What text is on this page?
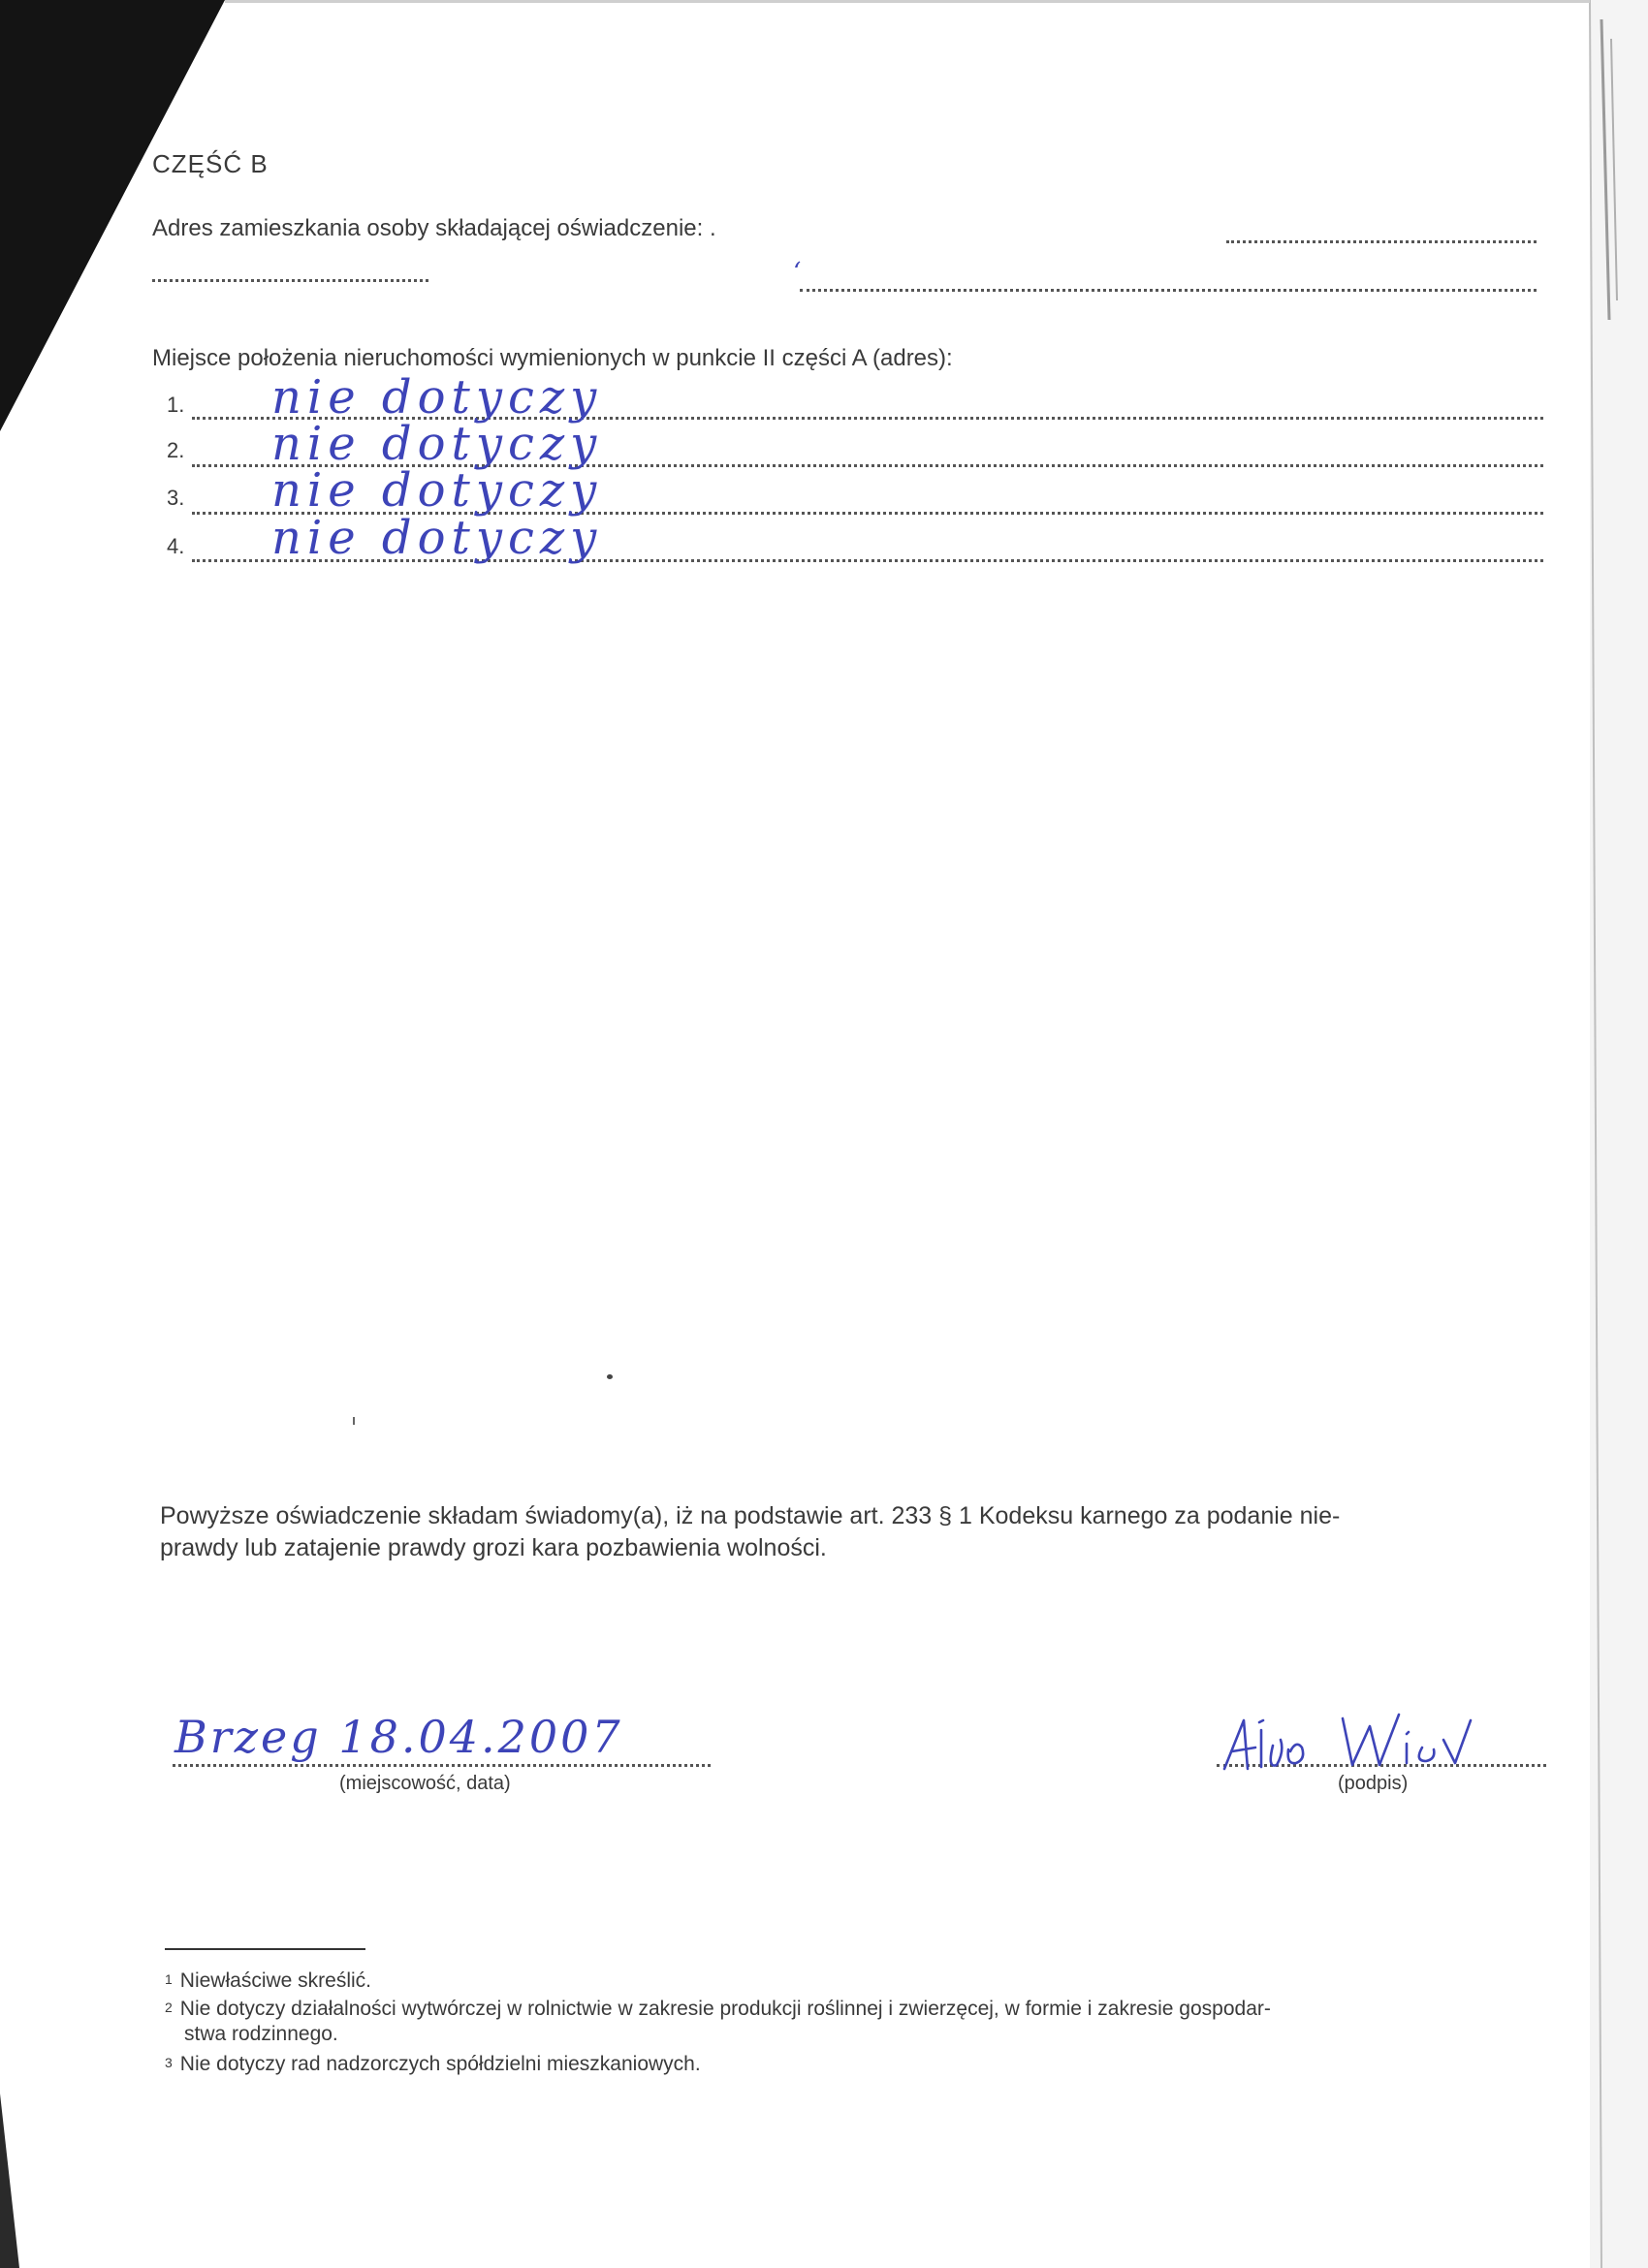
CZĘŚĆ B
Adres zamieszkania osoby składającej oświadczenie: .
ʻ
Miejsce położenia nieruchomości wymienionych w punkcie II części A (adres):
1. nie dotyczy
2. nie dotyczy
3. nie dotyczy
4. nie dotyczy
Powyższe oświadczenie składam świadomy(a), iż na podstawie art. 233 § 1 Kodeksu karnego za podanie nie-
prawdy lub zatajenie prawdy grozi kara pozbawienia wolności.
Brzeg 18.04.2007
(miejscowość, data)	(podpis)
$^1$ Niewłaściwe skreślić.
$^2$ Nie dotyczy działalności wytwórczej w rolnictwie w zakresie produkcji roślinnej i zwierzęcej, w formie i zakresie gospodar-
stwa rodzinnego.
$^3$ Nie dotyczy rad nadzorczych spółdzielni mieszkaniowych.
